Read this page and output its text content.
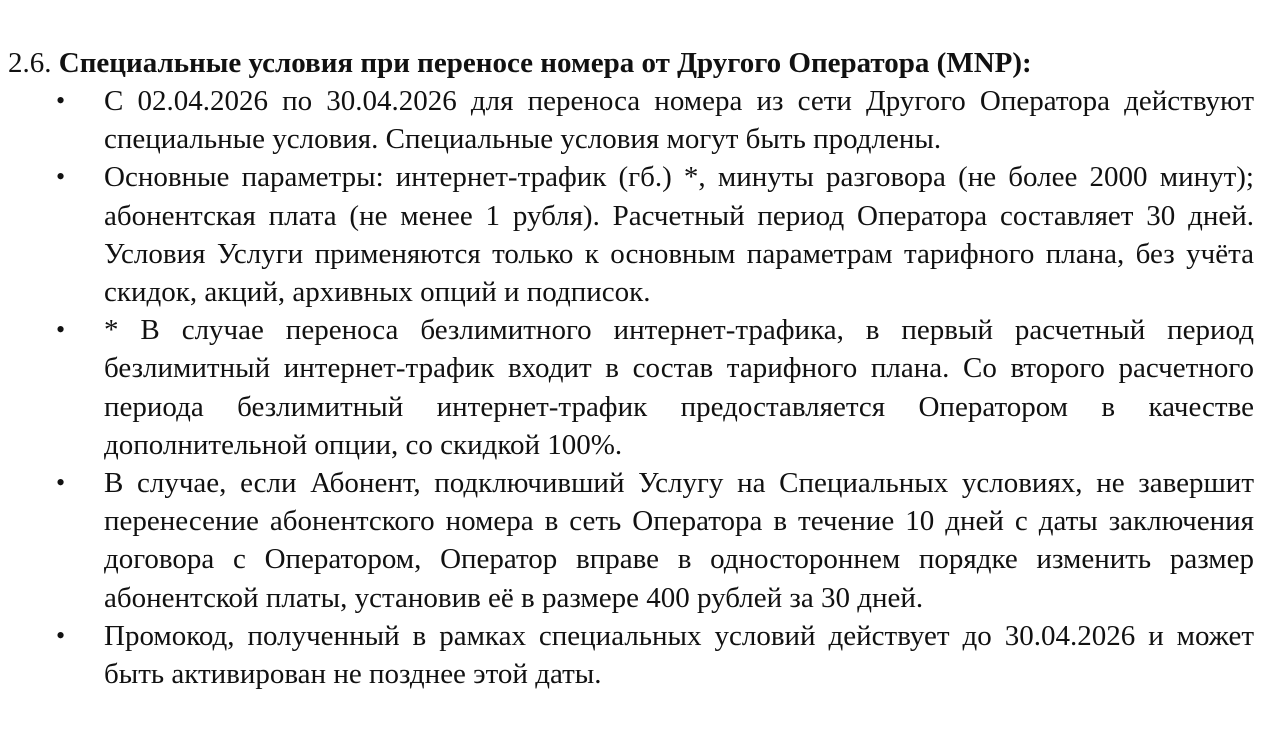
2.6. Специальные условия при переносе номера от Другого Оператора (MNP):
• С 02.04.2026 по 30.04.2026 для переноса номера из сети Другого Оператора действуют специальные условия. Специальные условия могут быть продлены.
• Основные параметры: интернет-трафик (гб.) *, минуты разговора (не более 2000 минут); абонентская плата (не менее 1 рубля). Расчетный период Оператора составляет 30 дней. Условия Услуги применяются только к основным параметрам тарифного плана, без учёта скидок, акций, архивных опций и подписок.
• * В случае переноса безлимитного интернет-трафика, в первый расчетный период безлимитный интернет-трафик входит в состав тарифного плана. Со второго расчетного периода безлимитный интернет-трафик предоставляется Оператором в качестве дополнительной опции, со скидкой 100%.
• В случае, если Абонент, подключивший Услугу на Специальных условиях, не завершит перенесение абонентского номера в сеть Оператора в течение 10 дней с даты заключения договора с Оператором, Оператор вправе в одностороннем порядке изменить размер абонентской платы, установив её в размере 400 рублей за 30 дней.
• Промокод, полученный в рамках специальных условий действует до 30.04.2026 и может быть активирован не позднее этой даты.
